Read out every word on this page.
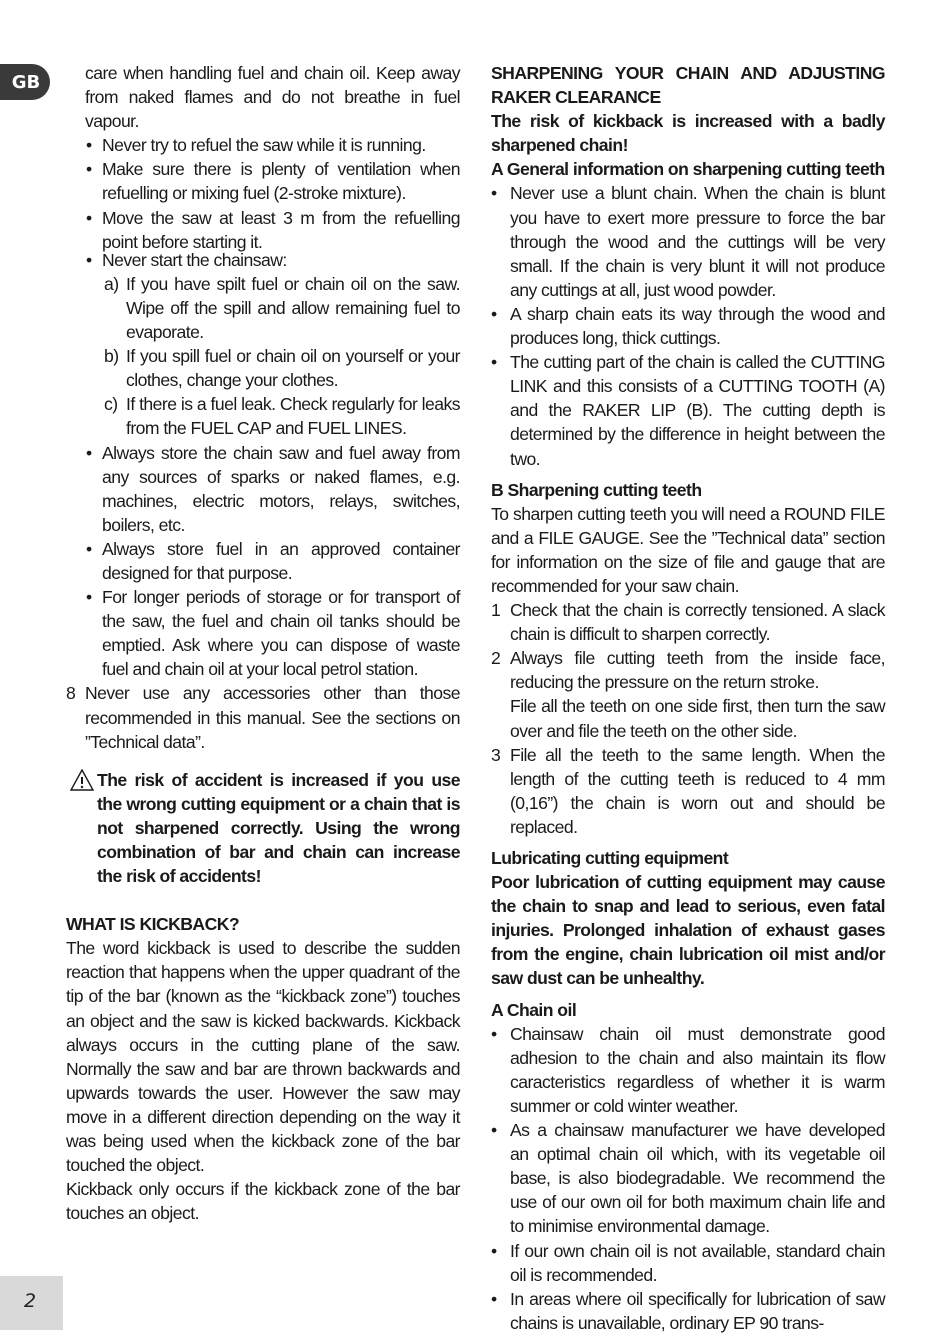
GB	care when handling fuel and chain oil. Keep away from naked flames and do not breathe in fuel vapour.

• Never try to refuel the saw while it is running.

• Make sure there is plenty of ventilation when refuelling or mixing fuel (2-stroke mixture).

• Move the saw at least 3 m from the refuelling point before starting it.

• Never start the chainsaw:

a) If you have spilt fuel or chain oil on the saw. Wipe off the spill and allow remaining fuel to evaporate.

b) If you spill fuel or chain oil on yourself or your clothes, change your clothes.

c) If there is a fuel leak. Check regularly for leaks from the FUEL CAP and FUEL LINES.

• Always store the chain saw and fuel away from any sources of sparks or naked flames, e.g. machines, electric motors, relays, switches, boilers, etc.

• Always store fuel in an approved container designed for that purpose.

• For longer periods of storage or for transport of the saw, the fuel and chain oil tanks should be emptied. Ask where you can dispose of waste fuel and chain oil at your local petrol station.

8 Never use any accessories other than those recommended in this manual. See the sections on ”Technical data”.

The risk of accident is increased if you use the wrong cutting equipment or a chain that is not sharpened correctly. Using the wrong combination of bar and chain can increase the risk of accidents!

WHAT IS KICKBACK?

The word kickback is used to describe the sudden reaction that happens when the upper quadrant of the tip of the bar (known as the “kickback zone”) touches an object and the saw is kicked backwards. Kickback always occurs in the cutting plane of the saw. Normally the saw and bar are thrown backwards and upwards towards the user. However the saw may move in a different direction depending on the way it was being used when the kickback zone of the bar touched the object.

Kickback only occurs if the kickback zone of the bar touches an object.

SHARPENING YOUR CHAIN AND ADJUSTING RAKER CLEARANCE

The risk of kickback is increased with a badly sharpened chain!

A General information on sharpening cutting teeth

• Never use a blunt chain. When the chain is blunt you have to exert more pressure to force the bar through the wood and the cuttings will be very small. If the chain is very blunt it will not produce any cuttings at all, just wood powder.

• A sharp chain eats its way through the wood and produces long, thick cuttings.

• The cutting part of the chain is called the CUTTING LINK and this consists of a CUTTING TOOTH (A) and the RAKER LIP (B). The cutting depth is determined by the difference in height between the two.

B Sharpening cutting teeth

To sharpen cutting teeth you will need a ROUND FILE and a FILE GAUGE. See the ”Technical data” section for information on the size of file and gauge that are recommended for your saw chain.

1 Check that the chain is correctly tensioned. A slack chain is difficult to sharpen correctly.

2 Always file cutting teeth from the inside face, reducing the pressure on the return stroke.

File all the teeth on one side first, then turn the saw over and file the teeth on the other side.

3 File all the teeth to the same length. When the length of the cutting teeth is reduced to 4 mm (0,16”) the chain is worn out and should be replaced.

Lubricating cutting equipment

Poor lubrication of cutting equipment may cause the chain to snap and lead to serious, even fatal injuries. Prolonged inhalation of exhaust gases from the engine, chain lubrication oil mist and/or saw dust can be unhealthy.

A Chain oil

• Chainsaw chain oil must demonstrate good adhesion to the chain and also maintain its flow caracteristics regardless of whether it is warm summer or cold winter weather.

• As a chainsaw manufacturer we have developed an optimal chain oil which, with its vegetable oil base, is also biodegradable. We recommend the use of our own oil for both maximum chain life and to minimise environmental damage.

• If our own chain oil is not available, standard chain oil is recommended.

• In areas where oil specifically for lubrication of saw chains is unavailable, ordinary EP 90 trans-

2
